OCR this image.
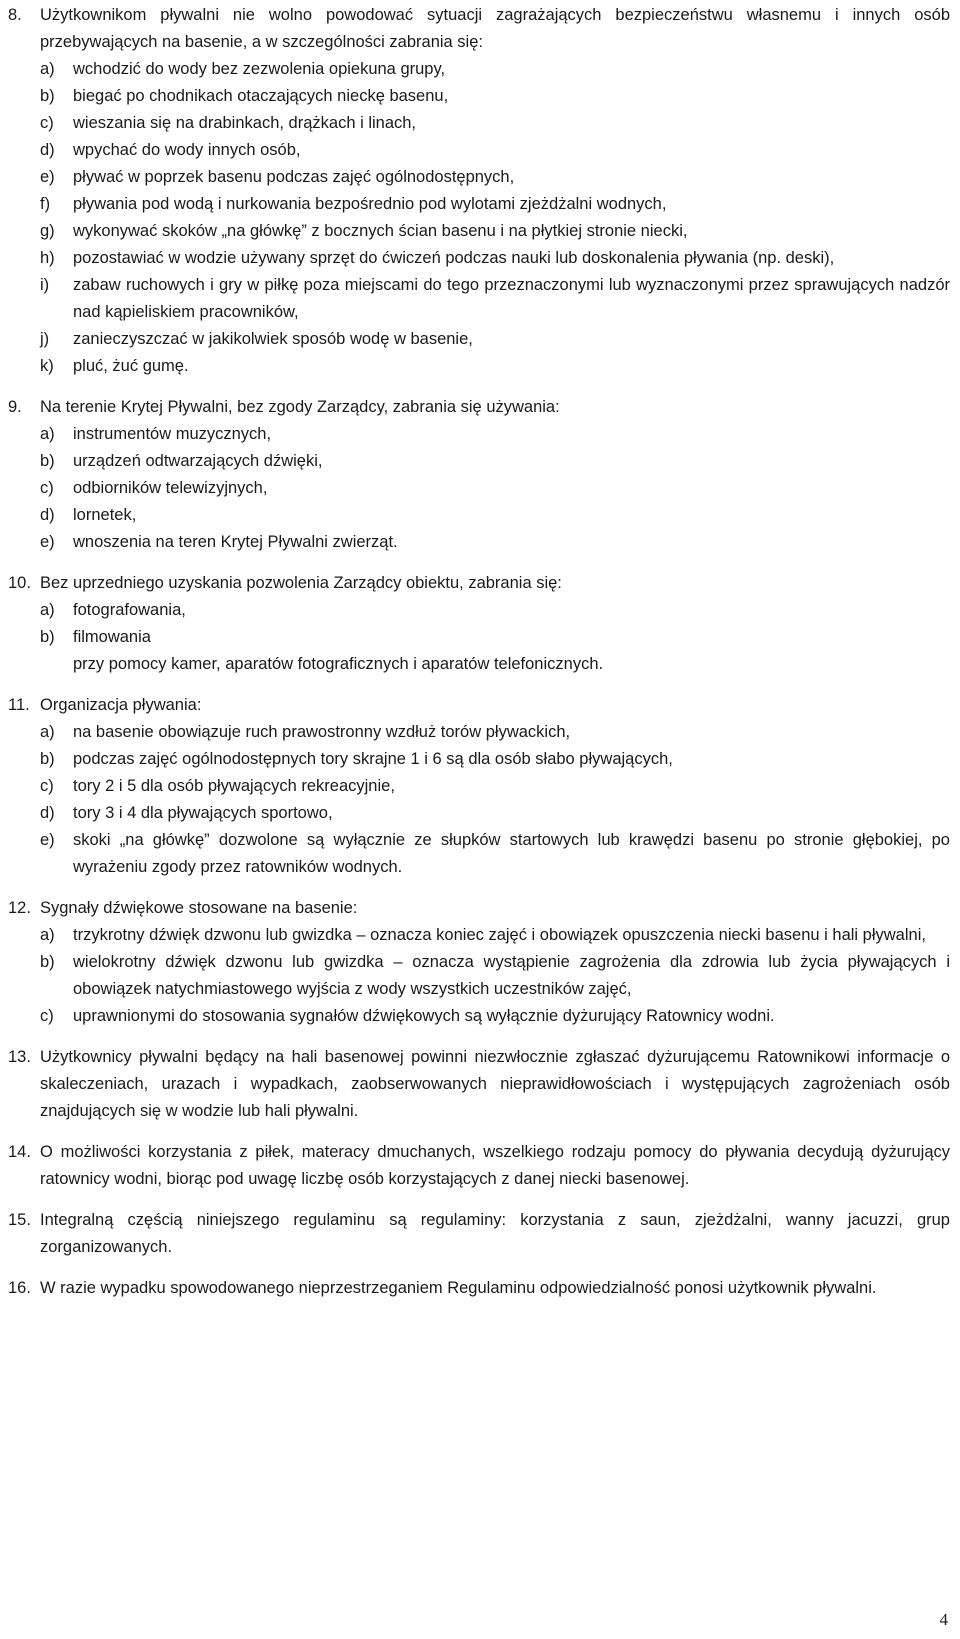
8.	Użytkownikom pływalni nie wolno powodować sytuacji zagrażających bezpieczeństwu własnemu i innych osób przebywających na basenie, a w szczególności zabrania się:
a)	wchodzić do wody bez zezwolenia opiekuna grupy,
b)	biegać po chodnikach otaczających nieckę basenu,
c)	wieszania się na drabinkach, drążkach i linach,
d)	wpychać do wody innych osób,
e)	pływać w poprzek basenu podczas zajęć ogólnodostępnych,
f)	pływania pod wodą i nurkowania bezpośrednio pod wylotami zjeżdżalni wodnych,
g)	wykonywać skoków „na główkę” z bocznych ścian basenu i na płytkiej stronie niecki,
h)	pozostawiać w wodzie używany sprzęt do ćwiczeń podczas nauki lub doskonalenia pływania (np. deski),
i)	zabaw ruchowych i gry w piłkę poza miejscami do tego przeznaczonymi lub wyznaczonymi przez sprawujących nadzór nad kąpieliskiem pracowników,
j)	zanieczyszczać w jakikolwiek sposób wodę w basenie,
k)	pluć, żuć gumę.
9.	Na terenie Krytej Pływalni, bez zgody Zarządcy, zabrania się używania:
a)	instrumentów muzycznych,
b)	urządzeń odtwarzających dźwięki,
c)	odbiorników telewizyjnych,
d)	lornetek,
e)	wnoszenia na teren Krytej Pływalni zwierząt.
10. Bez uprzedniego uzyskania pozwolenia Zarządcy obiektu, zabrania się:
a)	fotografowania,
b)	filmowania
przy pomocy kamer, aparatów fotograficznych i aparatów telefonicznych.
11. Organizacja pływania:
a)	na basenie obowiązuje ruch prawostronny wzdłuż torów pływackich,
b)	podczas zajęć ogólnodostępnych tory skrajne 1 i 6 są dla osób słabo pływających,
c)	tory 2 i 5 dla osób pływających rekreacyjnie,
d)	tory 3 i 4 dla pływających sportowo,
e)	skoki „na główkę” dozwolone są wyłącznie ze słupków startowych lub krawędzi basenu po stronie głębokiej, po wyrażeniu zgody przez ratowników wodnych.
12. Sygnały dźwiękowe stosowane na basenie:
a)	trzykrotny dźwięk dzwonu lub gwizdka – oznacza koniec zajęć i obowiązek opuszczenia niecki basenu i hali pływalni,
b)	wielokrotny dźwięk dzwonu lub gwizdka – oznacza wystąpienie zagrożenia dla zdrowia lub życia pływających i obowiązek natychmiastowego wyjścia z wody wszystkich uczestników zajęć,
c)	uprawnionymi do stosowania sygnałów dźwiękowych są wyłącznie dyżurujący Ratownicy wodni.
13. Użytkownicy pływalni będący na hali basenowej powinni niezwłocznie zgłaszać dyżurującemu Ratownikowi informacje o skaleczeniach, urazach i wypadkach, zaobserwowanych nieprawidłowościach i występujących zagrożeniach osób znajdujących się w wodzie lub hali pływalni.
14. O możliwości korzystania z piłek, materacy dmuchanych, wszelkiego rodzaju pomocy do pływania decydują dyżurujący ratownicy wodni, biorąc pod uwagę liczbę osób korzystających z danej niecki basenowej.
15. Integralną częścią niniejszego regulaminu są regulaminy: korzystania z saun, zjeżdżalni, wanny jacuzzi, grup zorganizowanych.
16. W razie wypadku spowodowanego nieprzestrzeganiem Regulaminu odpowiedzialność ponosi użytkownik pływalni.
4
